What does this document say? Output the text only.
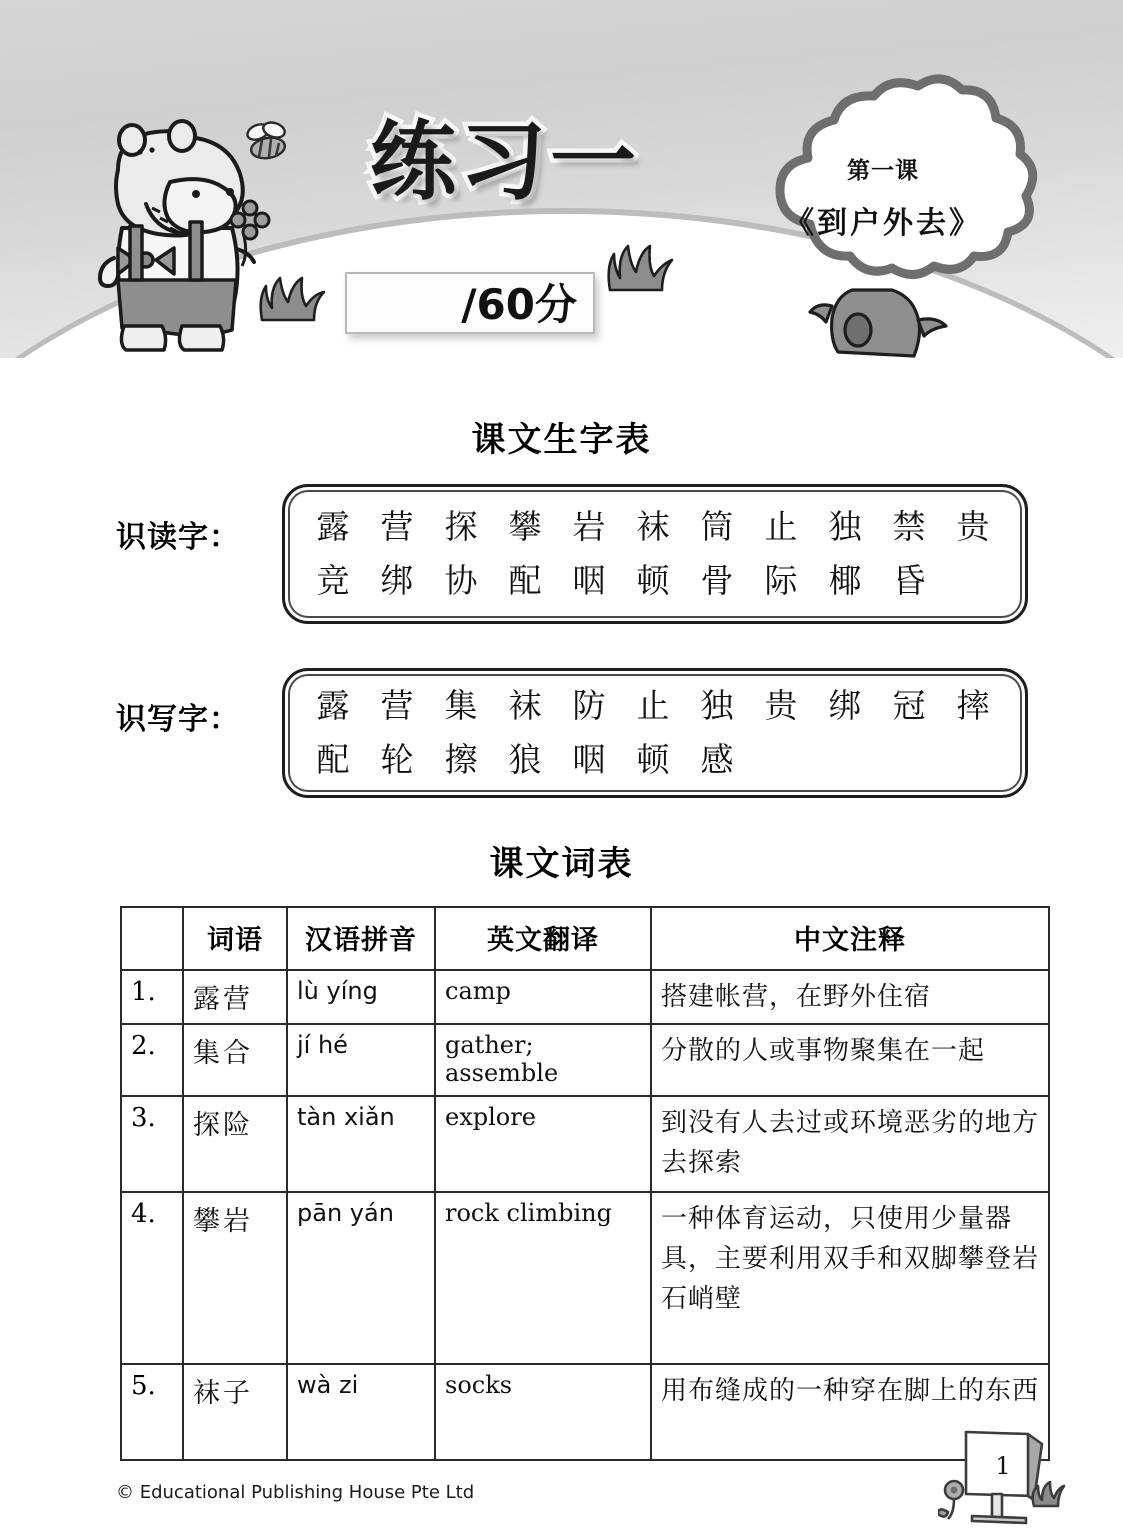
练习一
/60分
第一课
《到户外去》
课文生字表
识读字：	露 营 探 攀 岩 袜 筒 止 独 禁 贵
竞 绑 协 配 咽 顿 骨 际 椰 昏
识写字：	露 营 集 袜 防 止 独 贵 绑 冠 摔
配 轮 擦 狼 咽 顿 感
课文词表
	词语	汉语拼音	英文翻译	中文注释
1.	露营	lù yíng	camp	搭建帐营，在野外住宿
2.	集合	jí hé	gather; assemble	分散的人或事物聚集在一起
3.	探险	tàn xiǎn	explore	到没有人去过或环境恶劣的地方去探索
4.	攀岩	pān yán	rock climbing	一种体育运动，只使用少量器具，主要利用双手和双脚攀登岩石峭壁
5.	袜子	wà zi	socks	用布缝成的一种穿在脚上的东西
© Educational Publishing House Pte Ltd
1
